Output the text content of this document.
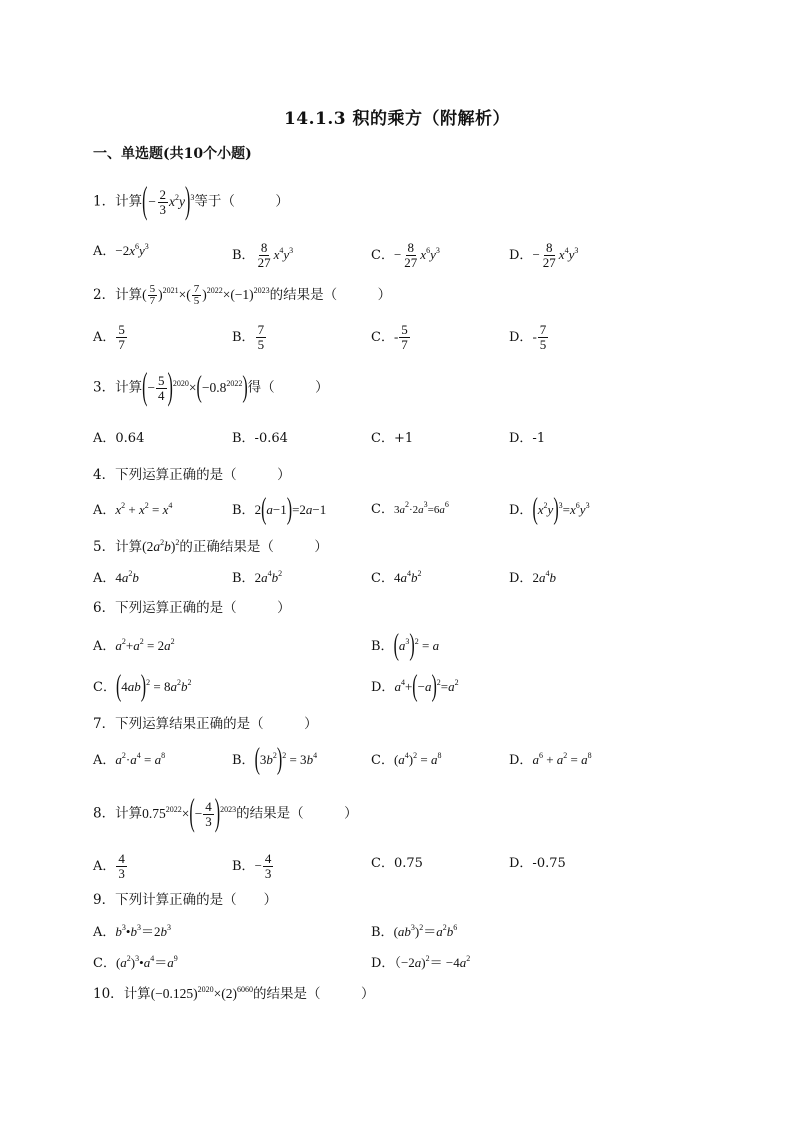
14.1.3 积的乘方（附解析）
一、单选题(共10个小题)
1．计算(− $\frac{2}{3} x^2y)^3$等于（　　　）
A．$-2x^6y^3$
B． $\frac{8}{27} x^4y^3$	C．− $\frac{8}{27} x^6y^3$	D．− $\frac{8}{27} x^4y^3$
2．计算( $\frac{5}{7} )^{2021}\times( \frac{7}{5} )^{2022}\times(-1)^{2023}$的结果是（　　　）
A． $\frac{5}{7}$	B． $\frac{7}{5}$	C．- $\frac{5}{7}$	D．- $\frac{7}{5}$
3．计算(− $\frac{5}{4} )^{2020}\times(-0.8^{2022})$得（　　　）
A．0.64	B．-0.64	C．+1	D．-1
4．下列运算正确的是（　　　）
A．$x^2 + x^2 = x^4$	B．2(a−1)=2a−1	C．$3a^2\cdot 2a^3=6a^6$	D．$(x^2y)^3=x^6y^3$
5．计算$(2a^2b)^2$的正确结果是（　　　）
A．$4a^2b$	B．$2a^4b^2$	C．$4a^4b^2$	D．$2a^4b$
6．下列运算正确的是（　　　）
A．$a^2+a^2 = 2a^2$	B．$(a^3)^2 = a$
C．$(4ab)^2 = 8a^2b^2$	D．$a^4+(-a)^2=a^2$
7．下列运算结果正确的是（　　　）
A．$a^2\cdot a^4 = a^8$	B．$(3b^2)^2 = 3b^4$	C．$(a^4)^2 = a^8$	D．$a^6 + a^2 = a^8$
8．计算$0.75^{2022}\times(- \frac{4}{3} )^{2023}$的结果是（　　　）
A． $\frac{4}{3}$	B．− $\frac{4}{3}$	C．0.75	D．-0.75
9．下列计算正确的是（　　）
A．$b^3•b^3=2b^3$	B．$(ab^3)^2=a^2b^6$
C．$(a^2)^3•a^4=a^9$	D．$(-2a)^2= -4a^2$
10．计算$(-0.125)^{2020}\times(2)^{6060}$的结果是（　　　）
